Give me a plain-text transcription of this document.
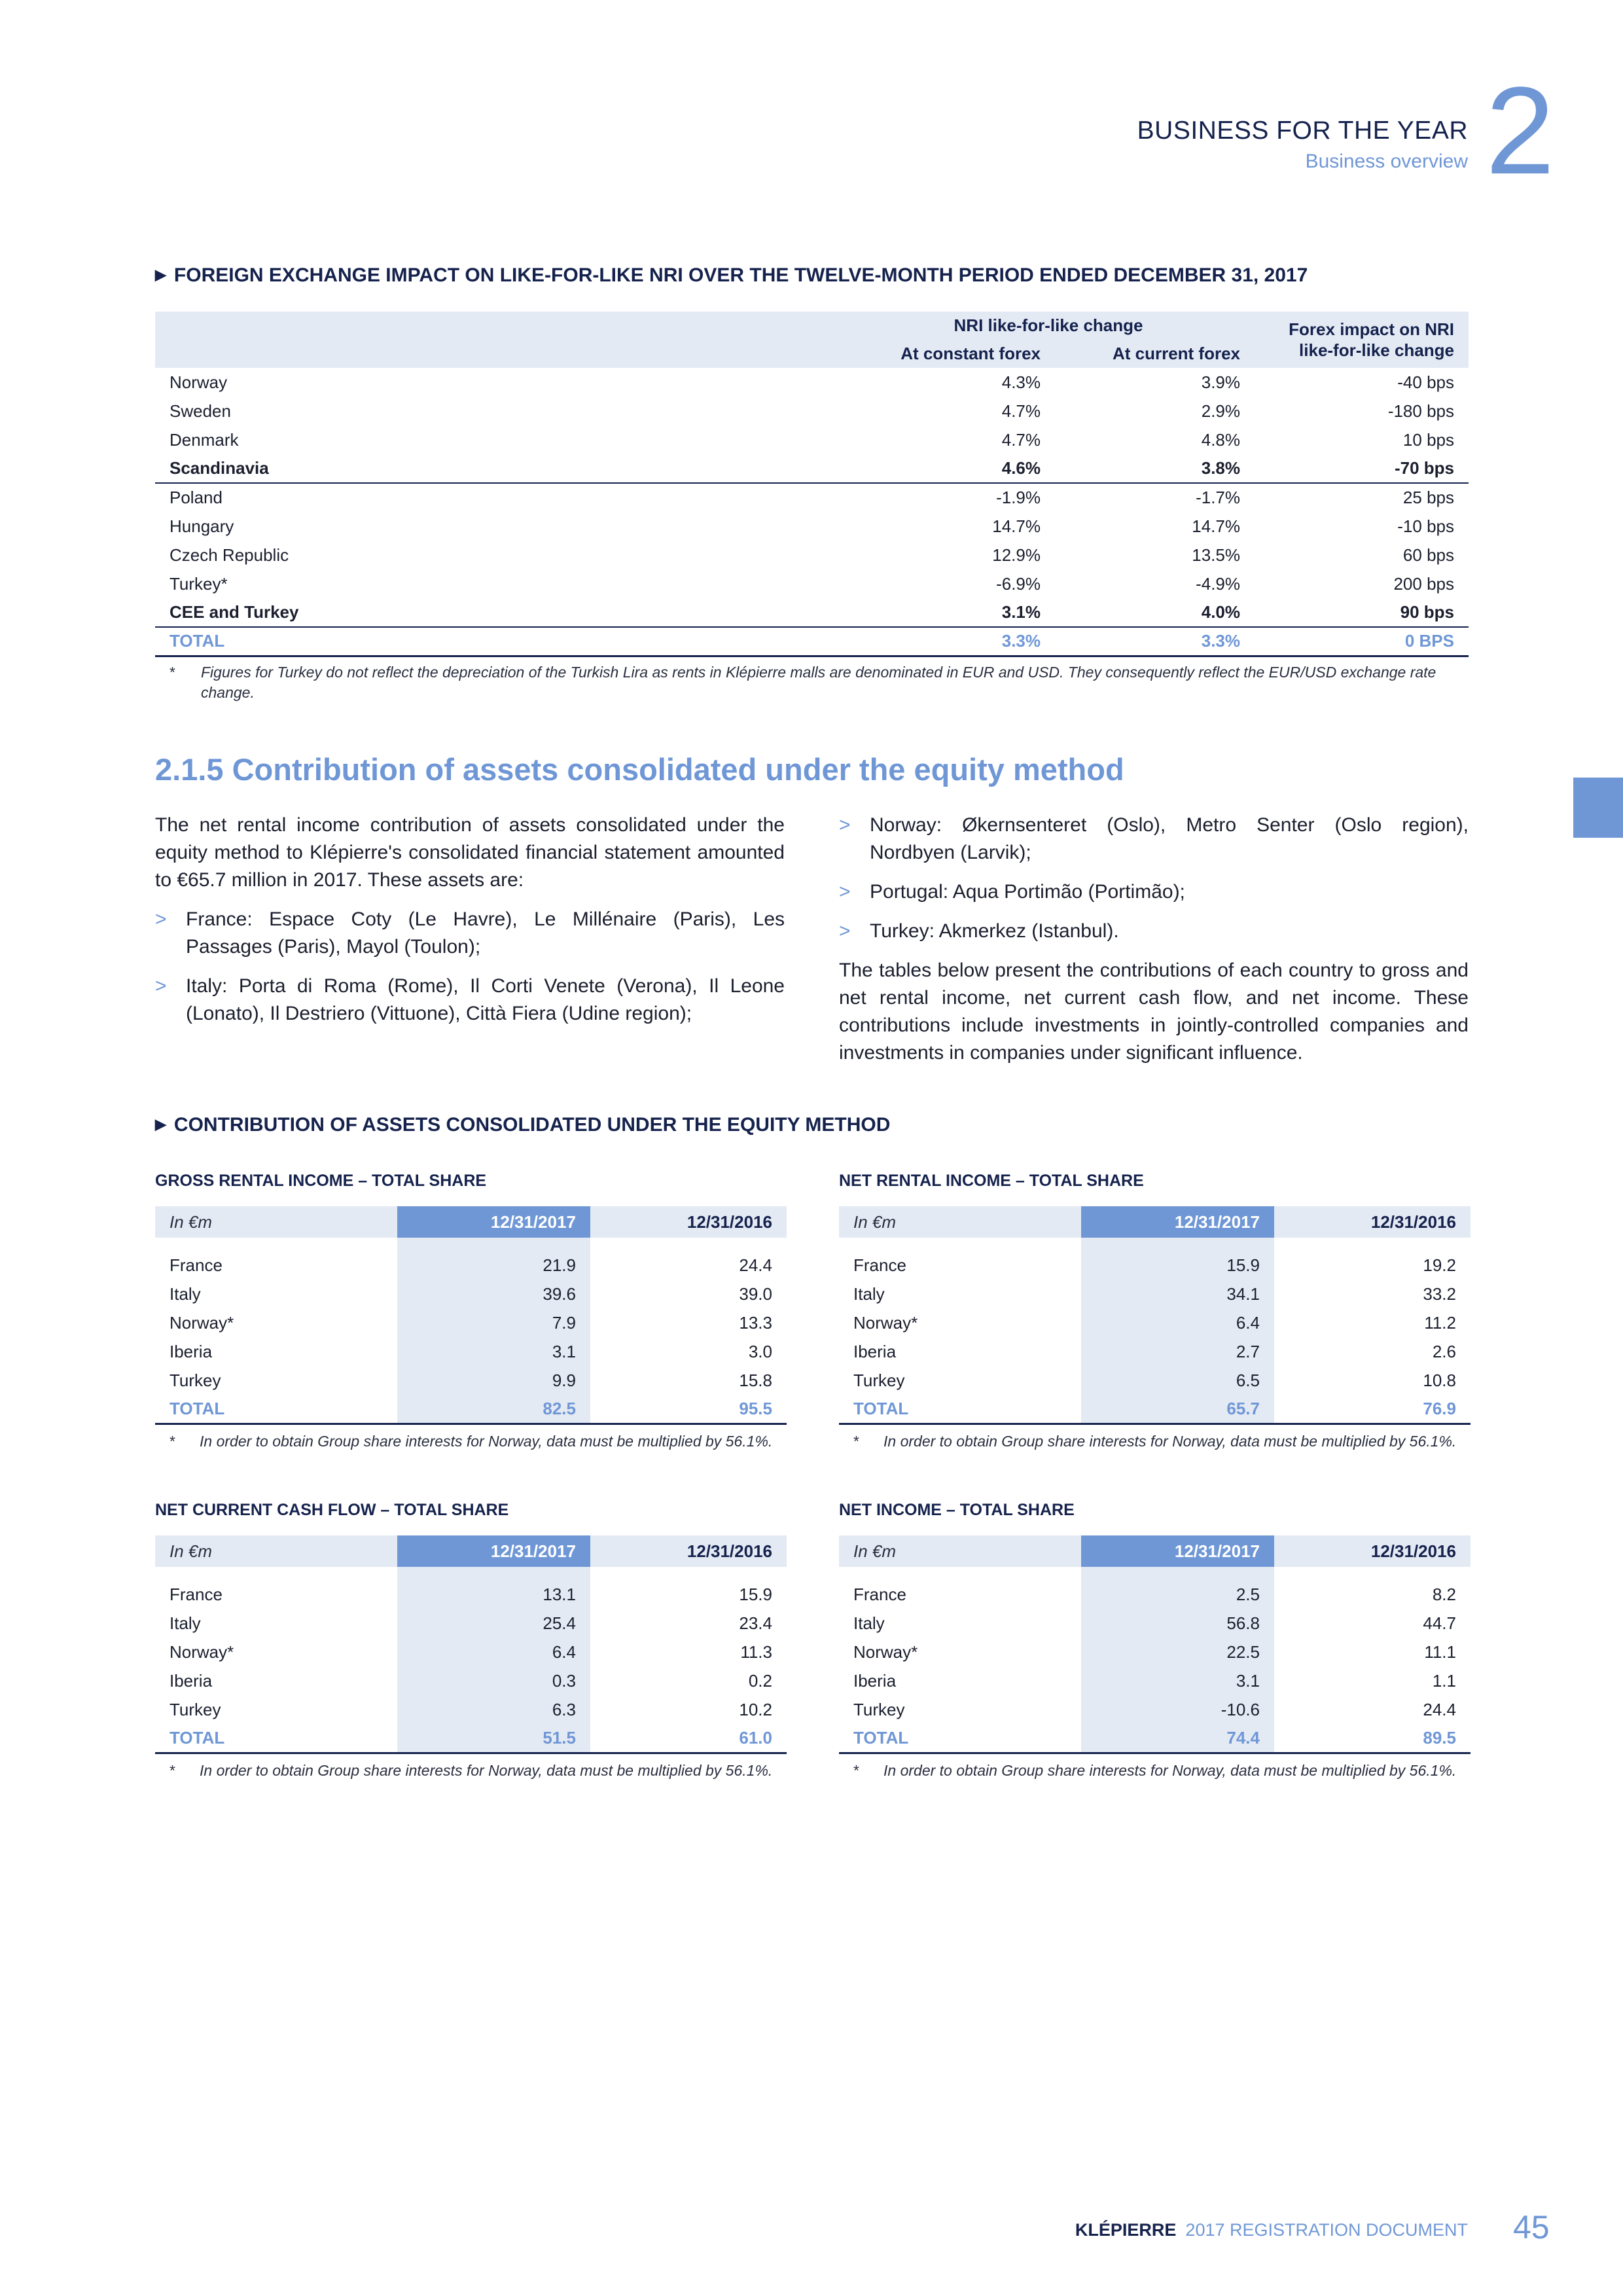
BUSINESS FOR THE YEAR
Business overview 2
▶ FOREIGN EXCHANGE IMPACT ON LIKE-FOR-LIKE NRI OVER THE TWELVE-MONTH PERIOD ENDED DECEMBER 31, 2017
	NRI like-for-like change		Forex impact on NRI like-for-like change
	At constant forex	At current forex	
Norway	4.3%	3.9%	-40 bps
Sweden	4.7%	2.9%	-180 bps
Denmark	4.7%	4.8%	10 bps
Scandinavia	4.6%	3.8%	-70 bps
Poland	-1.9%	-1.7%	25 bps
Hungary	14.7%	14.7%	-10 bps
Czech Republic	12.9%	13.5%	60 bps
Turkey*	-6.9%	-4.9%	200 bps
CEE and Turkey	3.1%	4.0%	90 bps
TOTAL	3.3%	3.3%	0 BPS
*	Figures for Turkey do not reflect the depreciation of the Turkish Lira as rents in Klépierre malls are denominated in EUR and USD. They consequently reflect the EUR/USD exchange rate change.
2.1.5 Contribution of assets consolidated under the equity method

The net rental income contribution of assets consolidated under the equity method to Klépierre's consolidated financial statement amounted to €65.7 million in 2017. These assets are:

> France: Espace Coty (Le Havre), Le Millénaire (Paris), Les Passages (Paris), Mayol (Toulon);
> Italy: Porta di Roma (Rome), Il Corti Venete (Verona), Il Leone (Lonato), Il Destriero (Vittuone), Città Fiera (Udine region);
> Norway: Økernsenteret (Oslo), Metro Senter (Oslo region), Nordbyen (Larvik);
> Portugal: Aqua Portimão (Portimão);
> Turkey: Akmerkez (Istanbul).

The tables below present the contributions of each country to gross and net rental income, net current cash flow, and net income. These contributions include investments in jointly-controlled companies and investments in companies under significant influence.

▶ CONTRIBUTION OF ASSETS CONSOLIDATED UNDER THE EQUITY METHOD
GROSS RENTAL INCOME – TOTAL SHARE
In €m	12/31/2017	12/31/2016

France	21.9	24.4
Italy	39.6	39.0
Norway*	7.9	13.3
Iberia	3.1	3.0
Turkey	9.9	15.8
TOTAL	82.5	95.5
*	In order to obtain Group share interests for Norway, data must be multiplied by 56.1%.
NET RENTAL INCOME – TOTAL SHARE
In €m	12/31/2017	12/31/2016

France	15.9	19.2
Italy	34.1	33.2
Norway*	6.4	11.2
Iberia	2.7	2.6
Turkey	6.5	10.8
TOTAL	65.7	76.9
*	In order to obtain Group share interests for Norway, data must be multiplied by 56.1%.
NET CURRENT CASH FLOW – TOTAL SHARE
In €m	12/31/2017	12/31/2016

France	13.1	15.9
Italy	25.4	23.4
Norway*	6.4	11.3
Iberia	0.3	0.2
Turkey	6.3	10.2
TOTAL	51.5	61.0
*	In order to obtain Group share interests for Norway, data must be multiplied by 56.1%.
NET INCOME – TOTAL SHARE
In €m	12/31/2017	12/31/2016

France	2.5	8.2
Italy	56.8	44.7
Norway*	22.5	11.1
Iberia	3.1	1.1
Turkey	-10.6	24.4
TOTAL	74.4	89.5
*	In order to obtain Group share interests for Norway, data must be multiplied by 56.1%.
KLÉPIERRE 2017 REGISTRATION DOCUMENT 45
